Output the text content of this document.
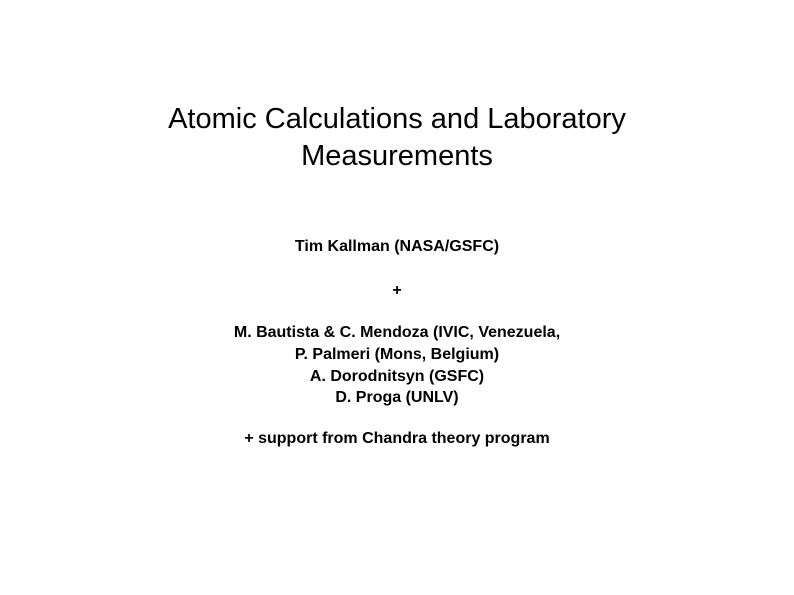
Atomic Calculations and Laboratory
Measurements

Tim Kallman (NASA/GSFC)

+

M. Bautista & C. Mendoza (IVIC, Venezuela,

P. Palmeri (Mons, Belgium)

A. Dorodnitsyn (GSFC)

D. Proga (UNLV)

+ support from Chandra theory program
